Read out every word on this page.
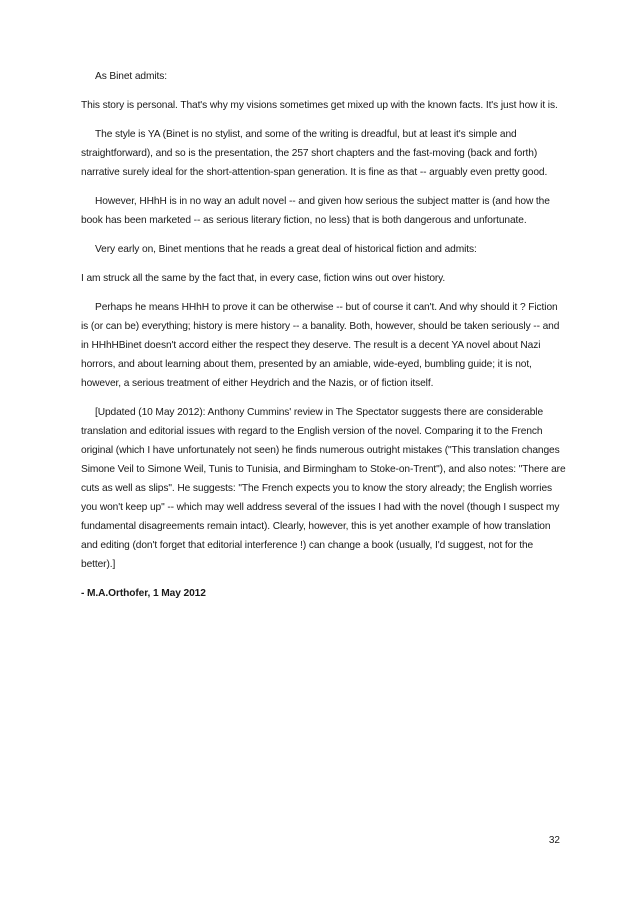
As Binet admits:

This story is personal. That's why my visions sometimes get mixed up with the known facts. It's just how it is.

The style is YA (Binet is no stylist, and some of the writing is dreadful, but at least it's simple and straightforward), and so is the presentation, the 257 short chapters and the fast-moving (back and forth) narrative surely ideal for the short-attention-span generation. It is fine as that -- arguably even pretty good.

However, HHhH is in no way an adult novel -- and given how serious the subject matter is (and how the book has been marketed -- as serious literary fiction, no less) that is both dangerous and unfortunate.

Very early on, Binet mentions that he reads a great deal of historical fiction and admits:

I am struck all the same by the fact that, in every case, fiction wins out over history.

Perhaps he means HHhH to prove it can be otherwise -- but of course it can't. And why should it ? Fiction is (or can be) everything; history is mere history -- a banality. Both, however, should be taken seriously -- and in HHhHBinet doesn't accord either the respect they deserve. The result is a decent YA novel about Nazi horrors, and about learning about them, presented by an amiable, wide-eyed, bumbling guide; it is not, however, a serious treatment of either Heydrich and the Nazis, or of fiction itself.

[Updated (10 May 2012): Anthony Cummins' review in The Spectator suggests there are considerable translation and editorial issues with regard to the English version of the novel. Comparing it to the French original (which I have unfortunately not seen) he finds numerous outright mistakes ("This translation changes Simone Veil to Simone Weil, Tunis to Tunisia, and Birmingham to Stoke-on-Trent"), and also notes: "There are cuts as well as slips". He suggests: "The French expects you to know the story already; the English worries you won't keep up" -- which may well address several of the issues I had with the novel (though I suspect my fundamental disagreements remain intact). Clearly, however, this is yet another example of how translation and editing (don't forget that editorial interference !) can change a book (usually, I'd suggest, not for the better).]

- M.A.Orthofer, 1 May 2012

32
